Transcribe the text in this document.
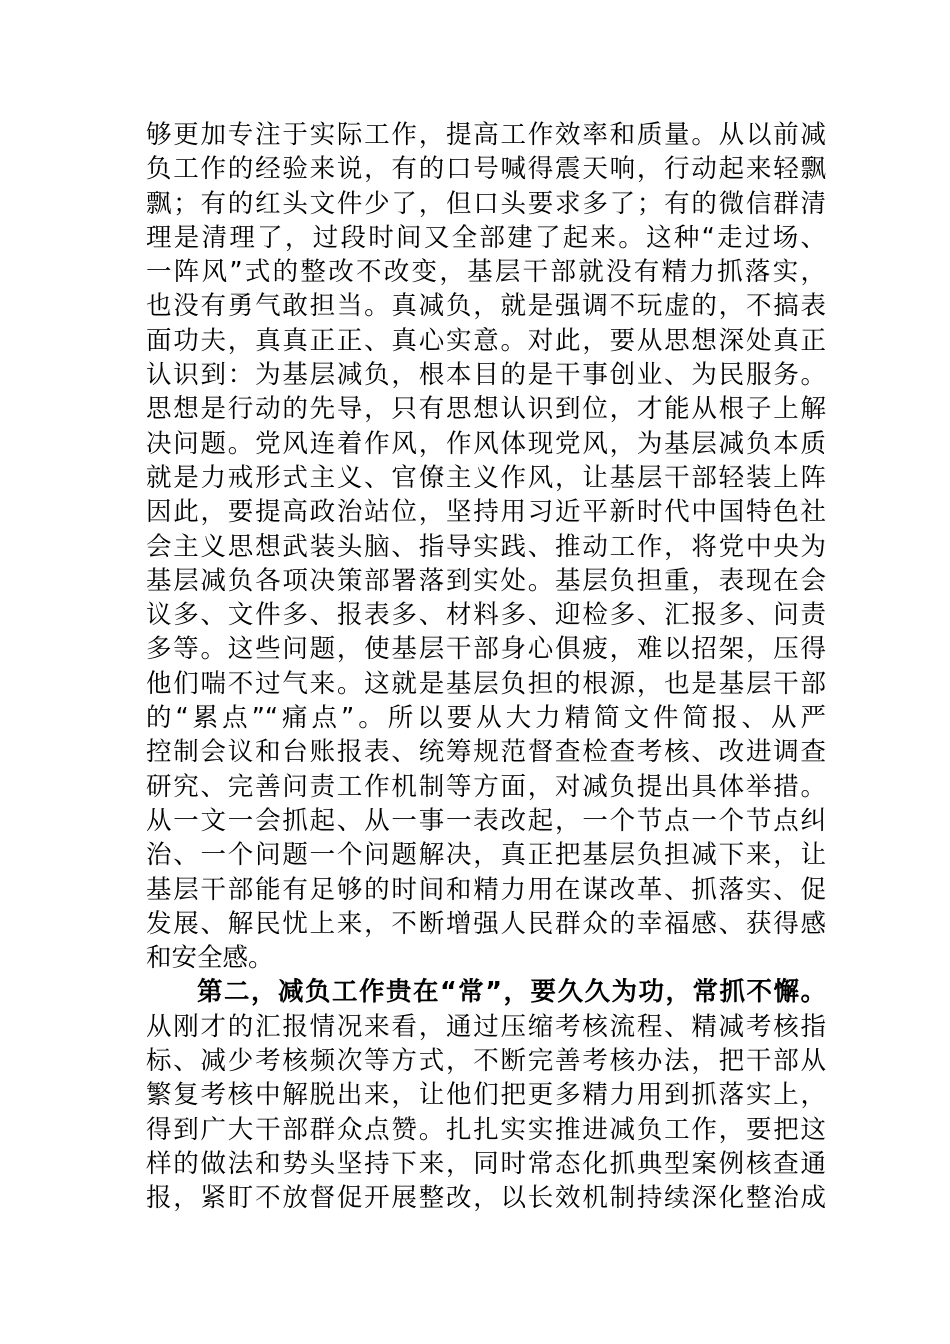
够更加专注于实际工作，提高工作效率和质量。从以前减
负工作的经验来说，有的口号喊得震天响，行动起来轻飘
飘；有的红头文件少了，但口头要求多了；有的微信群清
理是清理了，过段时间又全部建了起来。这种“走过场、
一阵风”式的整改不改变，基层干部就没有精力抓落实，
也没有勇气敢担当。真减负，就是强调不玩虚的，不搞表
面功夫，真真正正、真心实意。对此，要从思想深处真正
认识到：为基层减负，根本目的是干事创业、为民服务。
思想是行动的先导，只有思想认识到位，才能从根子上解
决问题。党风连着作风，作风体现党风，为基层减负本质
就是力戒形式主义、官僚主义作风，让基层干部轻装上阵
因此，要提高政治站位，坚持用习近平新时代中国特色社
会主义思想武装头脑、指导实践、推动工作，将党中央为
基层减负各项决策部署落到实处。基层负担重，表现在会
议多、文件多、报表多、材料多、迎检多、汇报多、问责
多等。这些问题，使基层干部身心俱疲，难以招架，压得
他们喘不过气来。这就是基层负担的根源，也是基层干部
的“累点”“痛点”。所以要从大力精简文件简报、从严
控制会议和台账报表、统筹规范督查检查考核、改进调查
研究、完善问责工作机制等方面，对减负提出具体举措。
从一文一会抓起、从一事一表改起，一个节点一个节点纠
治、一个问题一个问题解决，真正把基层负担减下来，让
基层干部能有足够的时间和精力用在谋改革、抓落实、促
发展、解民忧上来，不断增强人民群众的幸福感、获得感
和安全感。
第二，减负工作贵在“常”，要久久为功，常抓不懈。
从刚才的汇报情况来看，通过压缩考核流程、精减考核指
标、减少考核频次等方式，不断完善考核办法，把干部从
繁复考核中解脱出来，让他们把更多精力用到抓落实上，
得到广大干部群众点赞。扎扎实实推进减负工作，要把这
样的做法和势头坚持下来，同时常态化抓典型案例核查通
报，紧盯不放督促开展整改，以长效机制持续深化整治成
